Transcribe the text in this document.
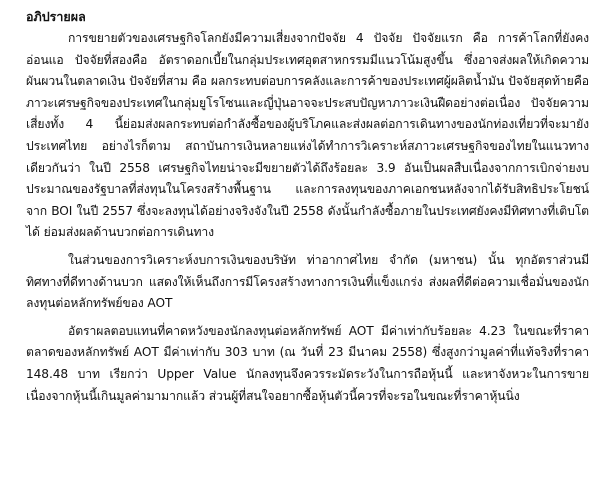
อภิปรายผล

การขยายตัวของเศรษฐกิจโลกยังมีความเสี่ยงจากปัจจัย 4 ปัจจัย ปัจจัยแรก คือ การค้าโลกที่ยังคงอ่อนแอ ปัจจัยที่สองคือ อัตราดอกเบี้ยในกลุ่มประเทศอุตสาหกรรมมีแนวโน้มสูงขึ้น ซึ่งอาจส่งผลให้เกิดความผันผวนในตลาดเงิน ปัจจัยที่สาม คือ ผลกระทบต่อบการคลังและการค้าของประเทศผู้ผลิตน้ำมัน ปัจจัยสุดท้ายคือ ภาวะเศรษฐกิจของประเทศในกลุ่มยูโรโซนและญี่ปุ่นอาจจะประสบปัญหาภาวะเงินฝืดอย่างต่อเนื่อง ปัจจัยความเสี่ยงทั้ง 4 นี้ย่อมส่งผลกระทบต่อกำลังซื้อของผู้บริโภคและส่งผลต่อการเดินทางของนักท่องเที่ยวที่จะมายังประเทศไทย อย่างไรก็ตาม สถาบันการเงินหลายแห่งได้ทำการวิเคราะห์สภาวะเศรษฐกิจของไทยในแนวทางเดียวกันว่า ในปี 2558 เศรษฐกิจไทยน่าจะมีขยายตัวได้ถึงร้อยละ 3.9 อันเป็นผลสืบเนื่องจากการเบิกจ่ายงบประมาณของรัฐบาลที่ส่งทุนในโครงสร้างพื้นฐาน และการลงทุนของภาคเอกชนหลังจากได้รับสิทธิประโยชน์จาก BOI ในปี 2557 ซึ่งจะลงทุนได้อย่างจริงจังในปี 2558 ดังนั้นกำลังซื้อภายในประเทศยังคงมีทิศทางที่เติบโตได้ ย่อมส่งผลด้านบวกต่อการเดินทาง

ในส่วนของการวิเคราะห์งบการเงินของบริษัท ท่าอากาศไทย จำกัด (มหาชน) นั้น ทุกอัตราส่วนมีทิศทางที่ดีทางด้านบวก แสดงให้เห็นถึงการมีโครงสร้างทางการเงินที่แข็งแกร่ง ส่งผลที่ดีต่อความเชื่อมั่นของนักลงทุนต่อหลักทรัพย์ของ AOT

อัตราผลตอบแทนที่คาดหวังของนักลงทุนต่อหลักทรัพย์ AOT มีค่าเท่ากับร้อยละ 4.23 ในขณะที่ราคาตลาดของหลักทรัพย์ AOT มีค่าเท่ากับ 303 บาท (ณ วันที่ 23 มีนาคม 2558) ซึ่งสูงกว่ามูลค่าที่แท้จริงที่ราคา 148.48 บาท เรียกว่า Upper Value นักลงทุนจึงควรระมัดระวังในการถือหุ้นนี้ และหาจังหวะในการขาย เนื่องจากหุ้นนี้เกินมูลค่ามามากแล้ว ส่วนผู้ที่สนใจอยากซื้อหุ้นตัวนี้ควรที่จะรอในขณะที่ราคาหุ้นนิ่ง
